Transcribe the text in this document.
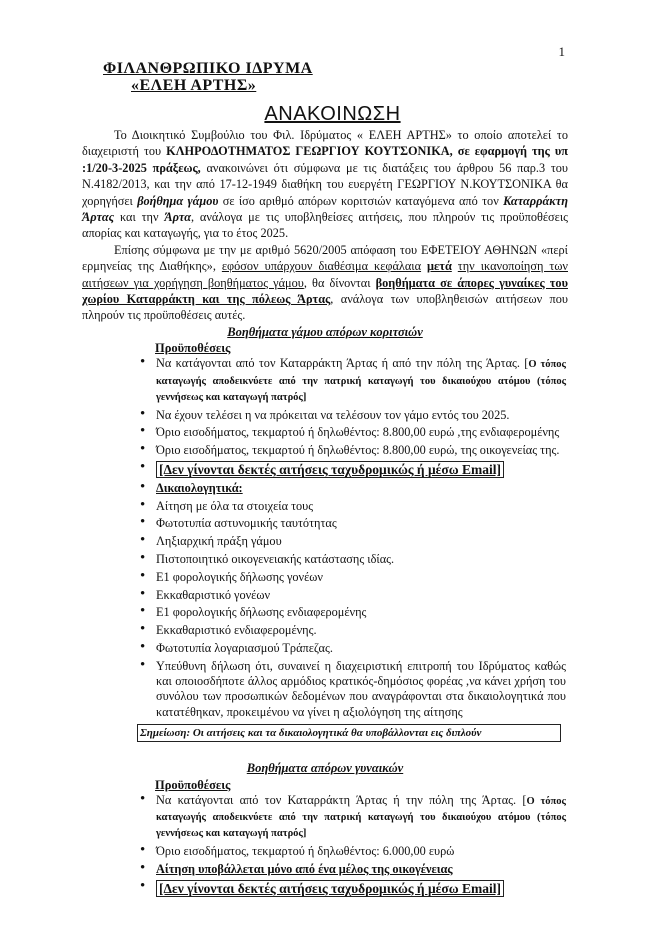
1
ΦΙΛΑΝΘΡΩΠΙΚΟ ΙΔΡΥΜΑ
«ΕΛΕΗ ΑΡΤΗΣ»
ΑΝΑΚΟΙΝΩΣΗ

Το Διοικητικό Συμβούλιο του Φιλ. Ιδρύματος « ΕΛΕΗ ΑΡΤΗΣ» το οποίο αποτελεί το διαχειριστή του ΚΛΗΡΟΔΟΤΗΜΑΤΟΣ ΓΕΩΡΓΙΟΥ ΚΟΥΤΣΟΝΙΚΑ, σε εφαρμογή της υπ :1/20-3-2025 πράξεως, ανακοινώνει ότι σύμφωνα με τις διατάξεις του άρθρου 56 παρ.3 του Ν.4182/2013, και την από 17-12-1949 διαθήκη του ευεργέτη ΓΕΩΡΓΙΟΥ Ν.ΚΟΥΤΣΟΝΙΚΑ θα χορηγήσει βοήθημα γάμου σε ίσο αριθμό απόρων κοριτσιών καταγόμενα από τον Καταρράκτη Άρτας και την Άρτα, ανάλογα με τις υποβληθείσες αιτήσεις, που πληρούν τις προϋποθέσεις απορίας και καταγωγής, για το έτος 2025.

Επίσης σύμφωνα με την με αριθμό 5620/2005 απόφαση του ΕΦΕΤΕΙΟΥ ΑΘΗΝΩΝ «περί ερμηνείας της Διαθήκης», εφόσον υπάρχουν διαθέσιμα κεφάλαια μετά την ικανοποίηση των αιτήσεων για χορήγηση βοηθήματος γάμου, θα δίνονται βοηθήματα σε άπορες γυναίκες του χωρίου Καταρράκτη και της πόλεως Άρτας, ανάλογα των υποβληθεισών αιτήσεων που πληρούν τις προϋποθέσεις αυτές.

Βοηθήματα γάμου απόρων κοριτσιών
Προϋποθέσεις
• Να κατάγονται από τον Καταρράκτη Άρτας ή από την πόλη της Άρτας. [Ο τόπος καταγωγής αποδεικνύετε από την πατρική καταγωγή του δικαιούχου ατόμου (τόπος γεννήσεως και καταγωγή πατρός]
• Να έχουν τελέσει η να πρόκειται να τελέσουν τον γάμο εντός του 2025.
• Όριο εισοδήματος, τεκμαρτού ή δηλωθέντος: 8.800,00 ευρώ ,της ενδιαφερομένης
• Όριο εισοδήματος, τεκμαρτού ή δηλωθέντος: 8.800,00 ευρώ, της οικογενείας της.
• [Δεν γίνονται δεκτές αιτήσεις ταχυδρομικώς ή μέσω Email]
• Δικαιολογητικά:
• Αίτηση με όλα τα στοιχεία τους
• Φωτοτυπία αστυνομικής ταυτότητας
• Ληξιαρχική πράξη γάμου
• Πιστοποιητικό οικογενειακής κατάστασης ιδίας.
• Ε1 φορολογικής δήλωσης γονέων
• Εκκαθαριστικό γονέων
• Ε1 φορολογικής δήλωσης ενδιαφερομένης
• Εκκαθαριστικό ενδιαφερομένης.
• Φωτοτυπία λογαριασμού Τράπεζας.
• Υπεύθυνη δήλωση ότι, συναινεί η διαχειριστική επιτροπή του Ιδρύματος καθώς και οποιοσδήποτε άλλος αρμόδιος κρατικός-δημόσιος φορέας ,να κάνει χρήση του συνόλου των προσωπικών δεδομένων που αναγράφονται στα δικαιολογητικά που κατατέθηκαν, προκειμένου να γίνει η αξιολόγηση της αίτησης
Σημείωση: Οι αιτήσεις και τα δικαιολογητικά θα υποβάλλονται εις διπλούν
Βοηθήματα απόρων γυναικών
Προϋποθέσεις
• Να κατάγονται από τον Καταρράκτη Άρτας ή την πόλη της Άρτας. [Ο τόπος καταγωγής αποδεικνύετε από την πατρική καταγωγή του δικαιούχου ατόμου (τόπος γεννήσεως και καταγωγή πατρός]
• Όριο εισοδήματος, τεκμαρτού ή δηλωθέντος: 6.000,00 ευρώ
• Αίτηση υποβάλλεται μόνο από ένα μέλος της οικογένειας
• [Δεν γίνονται δεκτές αιτήσεις ταχυδρομικώς ή μέσω Email]
